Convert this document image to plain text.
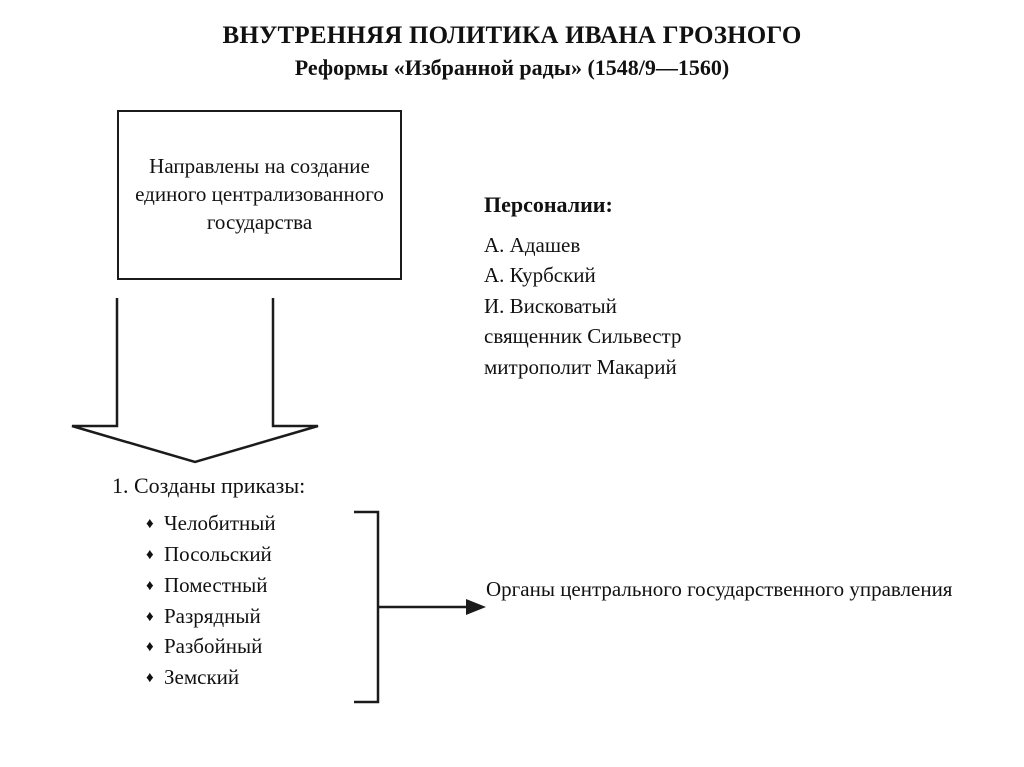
ВНУТРЕННЯЯ ПОЛИТИКА ИВАНА ГРОЗНОГО
Реформы «Избранной рады» (1548/9—1560)
Направлены на создание единого централизованного государства
Персоналии:
А. Адашев
А. Курбский
И. Висковатый
священник Сильвестр
митрополит Макарий
1. Созданы приказы:
♦ Челобитный
♦ Посольский
♦ Поместный
♦ Разрядный
♦ Разбойный
♦ Земский
Органы центрального государственного управления
